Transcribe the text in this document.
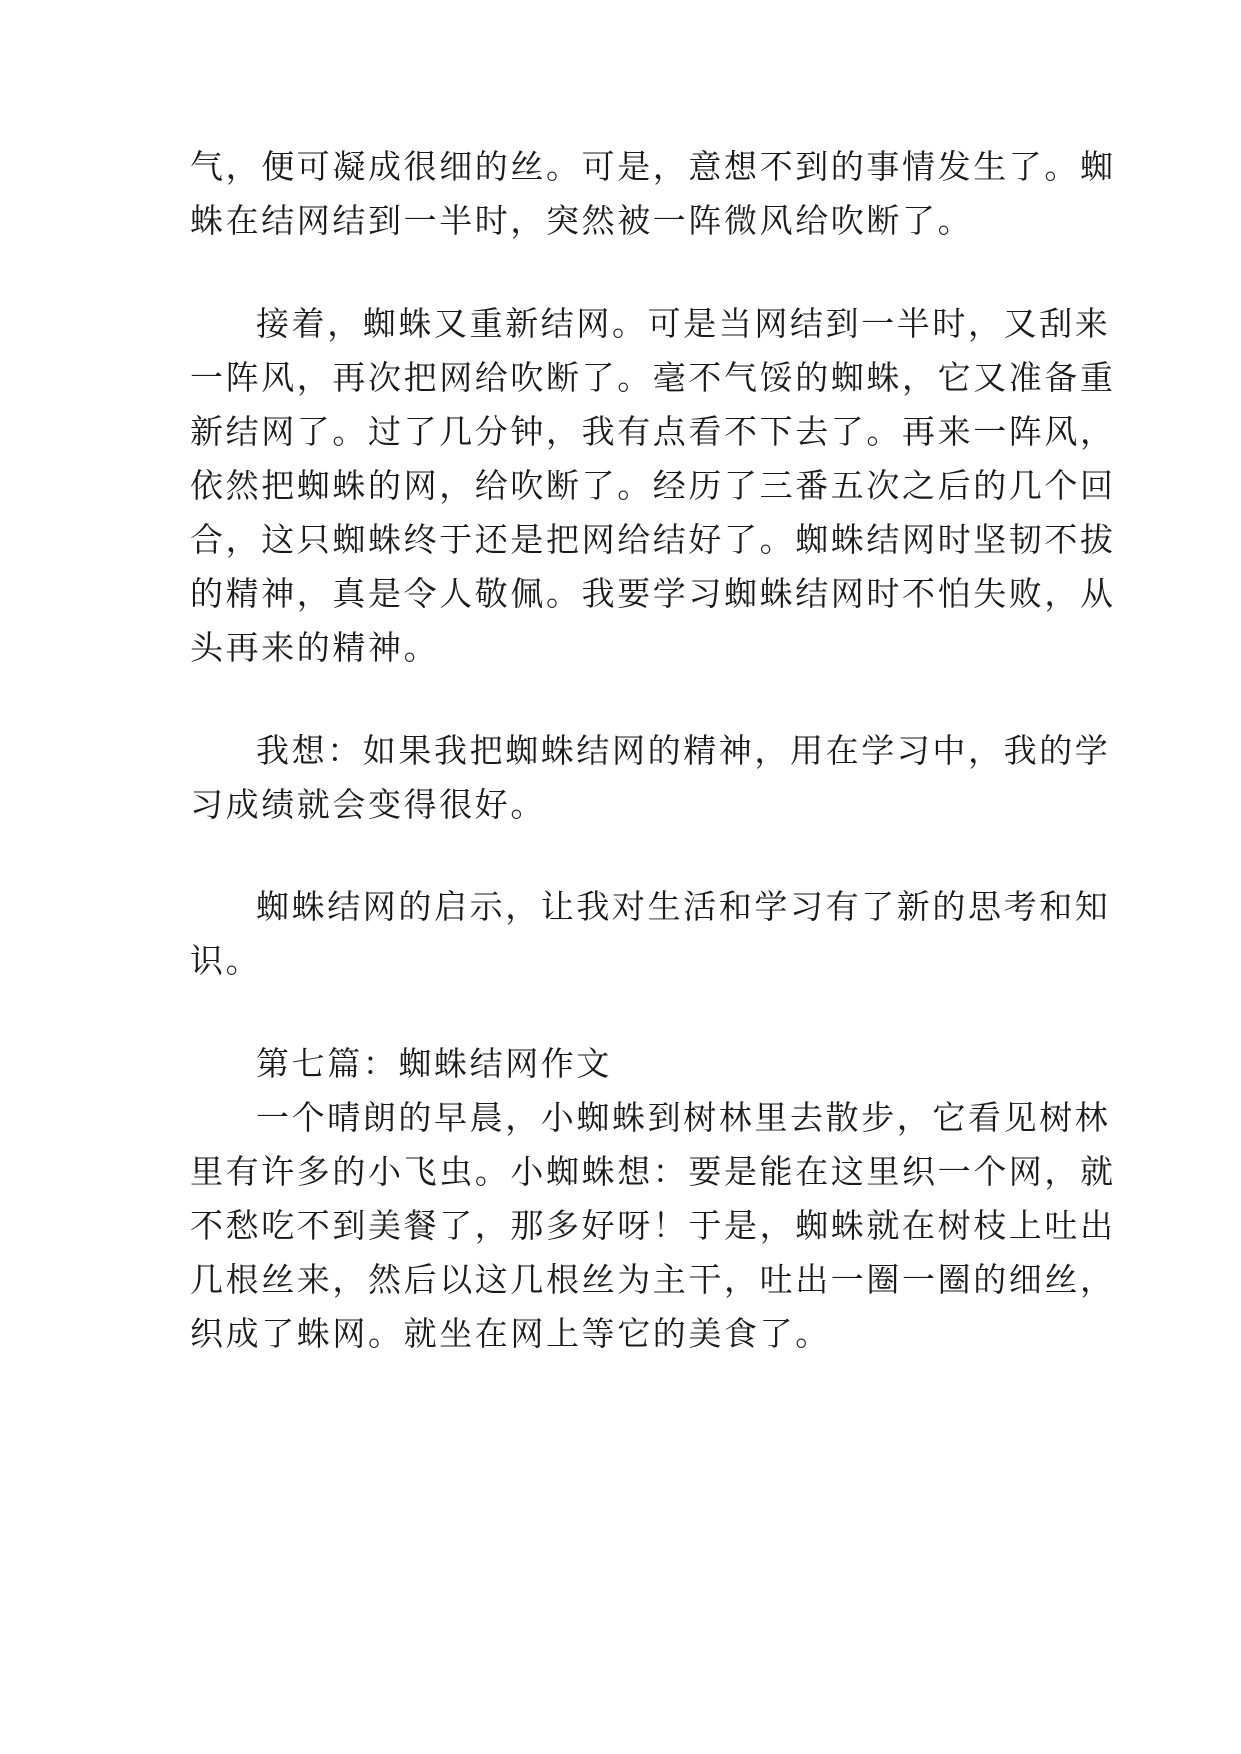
气，便可凝成很细的丝。可是，意想不到的事情发生了。蜘
蛛在结网结到一半时，突然被一阵微风给吹断了。
接着，蜘蛛又重新结网。可是当网结到一半时，又刮来
一阵风，再次把网给吹断了。毫不气馁的蜘蛛，它又准备重
新结网了。过了几分钟，我有点看不下去了。再来一阵风，
依然把蜘蛛的网，给吹断了。经历了三番五次之后的几个回
合，这只蜘蛛终于还是把网给结好了。蜘蛛结网时坚韧不拔
的精神，真是令人敬佩。我要学习蜘蛛结网时不怕失败，从
头再来的精神。
我想：如果我把蜘蛛结网的精神，用在学习中，我的学
习成绩就会变得很好。
蜘蛛结网的启示，让我对生活和学习有了新的思考和知
识。
第七篇：蜘蛛结网作文
一个晴朗的早晨，小蜘蛛到树林里去散步，它看见树林
里有许多的小飞虫。小蜘蛛想：要是能在这里织一个网，就
不愁吃不到美餐了，那多好呀！于是，蜘蛛就在树枝上吐出
几根丝来，然后以这几根丝为主干，吐出一圈一圈的细丝，
织成了蛛网。就坐在网上等它的美食了。
